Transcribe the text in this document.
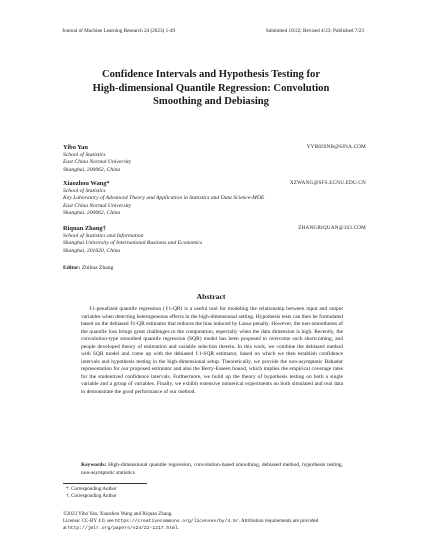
Journal of Machine Learning Research 24 (2023) 1-49	Submitted 10/22; Revised 4/23; Published 7/23
Confidence Intervals and Hypothesis Testing for
High-dimensional Quantile Regression: Convolution
Smoothing and Debiasing
Yibo Yan	YYB820NB@SINA.COM
School of Statistics
East China Normal University
Shanghai, 200062, China
Xiaozhou Wang*	XZWANG@SFS.ECNU.EDU.CN
School of Statistics
Key Laboratory of Advanced Theory and Application in Statistics and Data Science-MOE
East China Normal University
Shanghai, 200062, China
Riquan Zhang†	ZHANGRIQUAN@163.COM
School of Statistics and Information
Shanghai University of International Business and Economics
Shanghai, 201620, China
Editor: Zhihua Zhang
Abstract
ℓ1-penalized quantile regression (ℓ1-QR) is a useful tool for modeling the relationship between input and output variables when detecting heterogeneous effects in the high-dimensional setting. Hypothesis tests can then be formulated based on the debiased ℓ1-QR estimator that reduces the bias induced by Lasso penalty. However, the non-smoothness of the quantile loss brings great challenges to the computation, especially when the data dimension is high. Recently, the convolution-type smoothed quantile regression (SQR) model has been proposed to overcome such shortcoming, and people developed theory of estimation and variable selection therein. In this work, we combine the debiased method with SQR model and come up with the debiased ℓ1-SQR estimator, based on which we then establish confidence intervals and hypothesis testing in the high-dimensional setup. Theoretically, we provide the non-asymptotic Bahadur representation for our proposed estimator and also the Berry-Esseen bound, which implies the empirical coverage rates for the studentized confidence intervals. Furthermore, we build up the theory of hypothesis testing on both a single variable and a group of variables. Finally, we exhibit extensive numerical experiments on both simulated and real data to demonstrate the good performance of our method.
Keywords: High-dimensional quantile regression, convolution-based smoothing, debiased method, hypothesis testing, non-asymptotic statistics
*. Corresponding Author
†. Corresponding Author
©2023 Yibo Yan, Xiaozhou Wang and Riquan Zhang.
License: CC-BY 4.0, see https://creativecommons.org/licenses/by/4.0/. Attribution requirements are provided
at http://jmlr.org/papers/v24/22-1217.html.
